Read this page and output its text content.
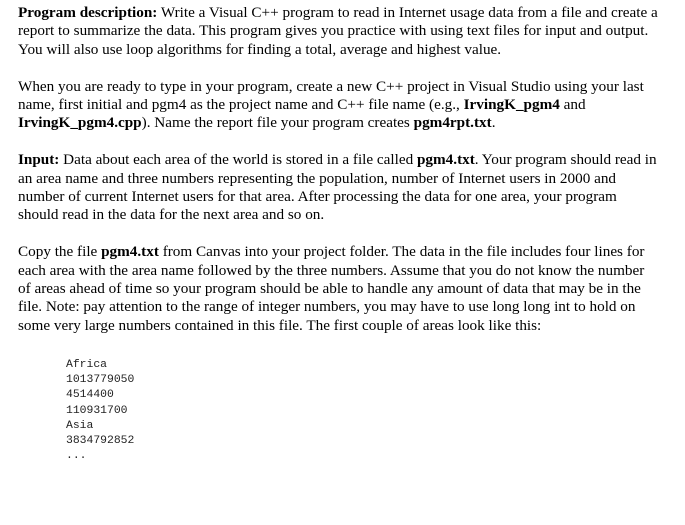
Program description: Write a Visual C++ program to read in Internet usage data from a file and create a report to summarize the data. This program gives you practice with using text files for input and output. You will also use loop algorithms for finding a total, average and highest value.

When you are ready to type in your program, create a new C++ project in Visual Studio using your last name, first initial and pgm4 as the project name and C++ file name (e.g., IrvingK_pgm4 and IrvingK_pgm4.cpp). Name the report file your program creates pgm4rpt.txt.

Input: Data about each area of the world is stored in a file called pgm4.txt. Your program should read in an area name and three numbers representing the population, number of Internet users in 2000 and number of current Internet users for that area. After processing the data for one area, your program should read in the data for the next area and so on.

Copy the file pgm4.txt from Canvas into your project folder. The data in the file includes four lines for each area with the area name followed by the three numbers. Assume that you do not know the number of areas ahead of time so your program should be able to handle any amount of data that may be in the file. Note: pay attention to the range of integer numbers, you may have to use long long int to hold on some very large numbers contained in this file. The first couple of areas look like this:

Africa
1013779050
4514400
110931700
Asia
3834792852
...
